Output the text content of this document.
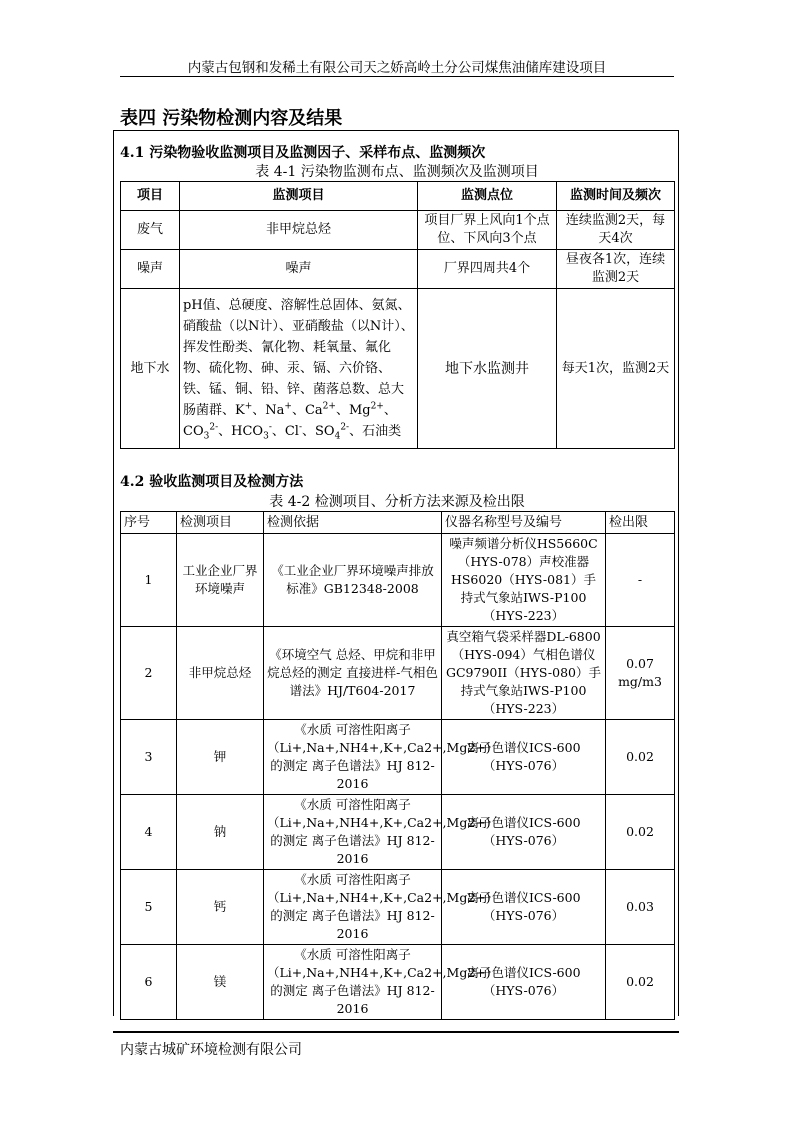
内蒙古包钢和发稀土有限公司天之娇高岭土分公司煤焦油储库建设项目
表四 污染物检测内容及结果
4.1 污染物验收监测项目及监测因子、采样布点、监测频次
表 4-1 污染物监测布点、监测频次及监测项目
项目	监测项目	监测点位	监测时间及频次
废气	非甲烷总烃	项目厂界上风向1个点位、下风向3个点	连续监测2天，每天4次
噪声	噪声	厂界四周共4个	昼夜各1次，连续监测2天
地下水	pH值、总硬度、溶解性总固体、氨氮、硝酸盐（以N计）、亚硝酸盐（以N计）、挥发性酚类、氰化物、耗氧量、氟化物、硫化物、砷、汞、镉、六价铬、铁、锰、铜、铅、锌、菌落总数、总大肠菌群、K+、Na+、$Ca^{2+}$、$Mg^{2+}$、$CO_3^{2-}$、$HCO_3^-$、Cl-、$SO_4^{2-}$、石油类	地下水监测井	每天1次，监测2天
4.2 验收监测项目及检测方法
表 4-2 检测项目、分析方法来源及检出限
序号	检测项目	检测依据	仪器名称型号及编号	检出限
1	工业企业厂界环境噪声	《工业企业厂界环境噪声排放标准》GB12348-2008	噪声频谱分析仪HS5660C（HYS-078）声校准器HS6020（HYS-081）手持式气象站IWS-P100（HYS-223）	-
2	非甲烷总烃	《环境空气 总烃、甲烷和非甲烷总烃的测定 直接进样-气相色谱法》HJ/T604-2017	真空箱气袋采样器DL-6800（HYS-094）气相色谱仪GC9790II（HYS-080）手持式气象站IWS-P100（HYS-223）	0.07 mg/m3
3	钾	《水质 可溶性阳离子（Li+,Na+,NH4+,K+,Ca2+,Mg2+)的测定 离子色谱法》HJ 812-2016	离子色谱仪ICS-600（HYS-076）	0.02
4	钠	《水质 可溶性阳离子（Li+,Na+,NH4+,K+,Ca2+,Mg2+)的测定 离子色谱法》HJ 812-2016	离子色谱仪ICS-600（HYS-076）	0.02
5	钙	《水质 可溶性阳离子（Li+,Na+,NH4+,K+,Ca2+,Mg2+)的测定 离子色谱法》HJ 812-2016	离子色谱仪ICS-600（HYS-076）	0.03
6	镁	《水质 可溶性阳离子（Li+,Na+,NH4+,K+,Ca2+,Mg2+)的测定 离子色谱法》HJ 812-2016	离子色谱仪ICS-600（HYS-076）	0.02
内蒙古城矿环境检测有限公司
